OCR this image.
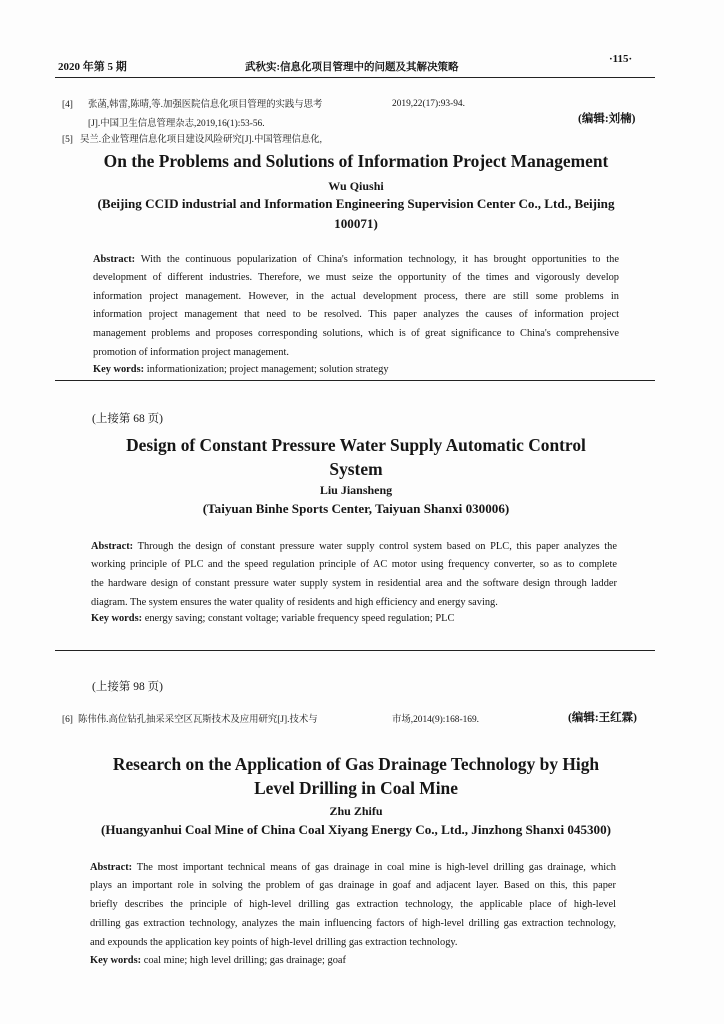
2020 年第 5 期	武秋实:信息化项目管理中的问题及其解决策略
·115·
[4] 张菡,韩雷,陈晴,等.加强医院信息化项目管理的实践与思考
[J].中国卫生信息管理杂志,2019,16(1):53-56.
[5] 吴兰.企业管理信息化项目建设风险研究[J].中国管理信息化,
2019,22(17):93-94.
(编辑:刘楠)
On the Problems and Solutions of Information Project Management
Wu Qiushi
(Beijing CCID industrial and Information Engineering Supervision Center Co., Ltd., Beijing
100071)
Abstract: With the continuous popularization of China's information technology, it has brought opportunities to the
development of different industries. Therefore, we must seize the opportunity of the times and vigorously develop
information project management. However, in the actual development process, there are still some problems in
information project management that need to be resolved. This paper analyzes the causes of information project
management problems and proposes corresponding solutions, which is of great significance to China's comprehensive
promotion of information project management.
Key words: informationization; project management; solution strategy
(上接第 68 页)
Design of Constant Pressure Water Supply Automatic Control
System
Liu Jiansheng
(Taiyuan Binhe Sports Center, Taiyuan Shanxi 030006)
Abstract: Through the design of constant pressure water supply control system based on PLC, this paper analyzes the
working principle of PLC and the speed regulation principle of AC motor using frequency converter, so as to complete
the hardware design of constant pressure water supply system in residential area and the software design through ladder
diagram. The system ensures the water quality of residents and high efficiency and energy saving.
Key words: energy saving; constant voltage; variable frequency speed regulation; PLC
(上接第 98 页)
[6] 陈伟伟.高位钻孔抽采采空区瓦斯技术及应用研究[J].技术与	市场,2014(9):168-169.	(编辑:王红霖)
Research on the Application of Gas Drainage Technology by High
Level Drilling in Coal Mine
Zhu Zhifu
(Huangyanhui Coal Mine of China Coal Xiyang Energy Co., Ltd., Jinzhong Shanxi 045300)
Abstract: The most important technical means of gas drainage in coal mine is high-level drilling gas drainage, which
plays an important role in solving the problem of gas drainage in goaf and adjacent layer. Based on this, this paper
briefly describes the principle of high-level drilling gas extraction technology, the applicable place of high-level
drilling gas extraction technology, analyzes the main influencing factors of high-level drilling gas extraction technology,
and expounds the application key points of high-level drilling gas extraction technology.
Key words: coal mine; high level drilling; gas drainage; goaf
